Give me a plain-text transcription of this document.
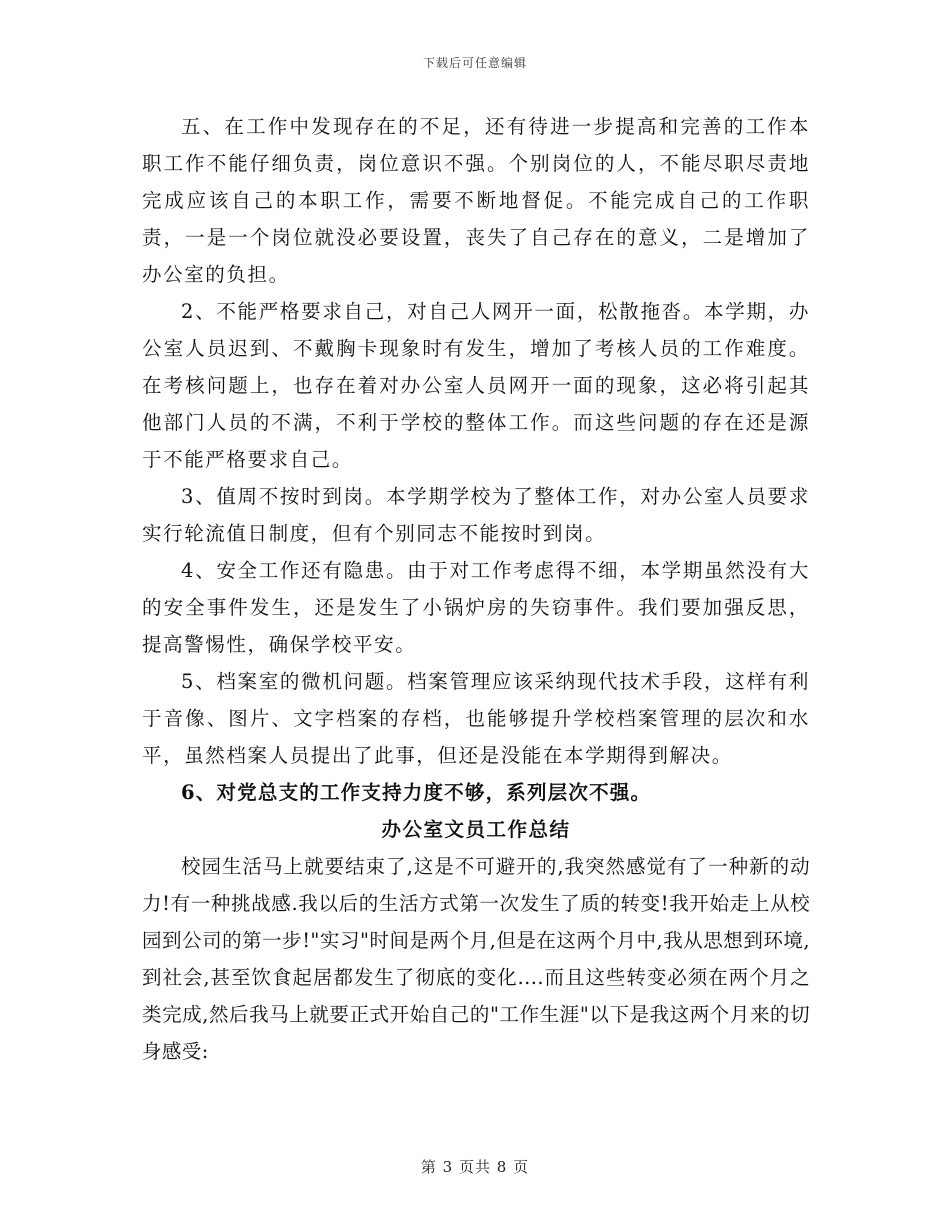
下载后可任意编辑

五、在工作中发现存在的不足，还有待进一步提高和完善的工作本职工作不能仔细负责，岗位意识不强。个别岗位的人，不能尽职尽责地完成应该自己的本职工作，需要不断地督促。不能完成自己的工作职责，一是一个岗位就没必要设置，丧失了自己存在的意义，二是增加了办公室的负担。

2、不能严格要求自己，对自己人网开一面，松散拖沓。本学期，办公室人员迟到、不戴胸卡现象时有发生，增加了考核人员的工作难度。在考核问题上，也存在着对办公室人员网开一面的现象，这必将引起其他部门人员的不满，不利于学校的整体工作。而这些问题的存在还是源于不能严格要求自己。

3、值周不按时到岗。本学期学校为了整体工作，对办公室人员要求实行轮流值日制度，但有个别同志不能按时到岗。

4、安全工作还有隐患。由于对工作考虑得不细，本学期虽然没有大的安全事件发生，还是发生了小锅炉房的失窃事件。我们要加强反思，提高警惕性，确保学校平安。

5、档案室的微机问题。档案管理应该采纳现代技术手段，这样有利于音像、图片、文字档案的存档，也能够提升学校档案管理的层次和水平，虽然档案人员提出了此事，但还是没能在本学期得到解决。

6、对党总支的工作支持力度不够，系列层次不强。

办公室文员工作总结

校园生活马上就要结束了,这是不可避开的,我突然感觉有了一种新的动力!有一种挑战感.我以后的生活方式第一次发生了质的转变!我开始走上从校园到公司的第一步!"实习"时间是两个月,但是在这两个月中,我从思想到环境,到社会,甚至饮食起居都发生了彻底的变化....而且这些转变必须在两个月之类完成,然后我马上就要正式开始自己的"工作生涯"以下是我这两个月来的切身感受:

第 3 页共 8 页
